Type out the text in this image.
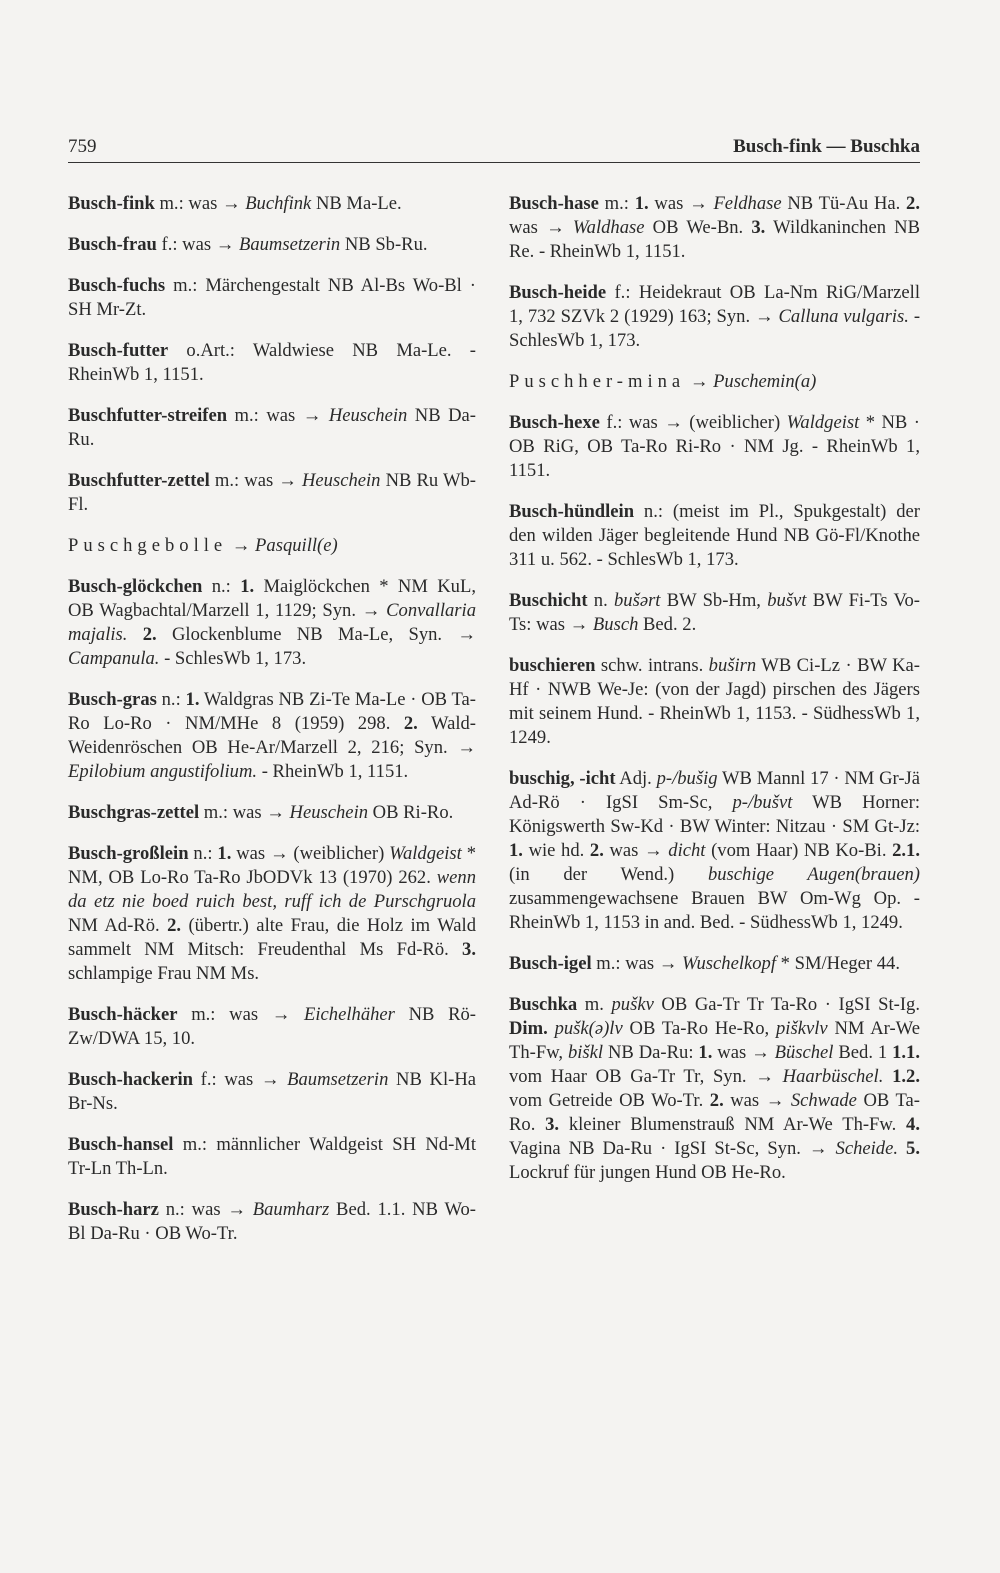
759	Busch-fink — Buschka

Busch-fink m.: was → Buchfink NB Ma-Le.

Busch-frau f.: was → Baumsetzerin NB Sb-Ru.

Busch-fuchs m.: Märchengestalt NB Al-Bs Wo-Bl · SH Mr-Zt.

Busch-futter o.Art.: Waldwiese NB Ma-Le. - RheinWb 1, 1151.

Buschfutter-streifen m.: was → Heuschein NB Da-Ru.

Buschfutter-zettel m.: was → Heuschein NB Ru Wb-Fl.

Puschgebolle → Pasquill(e)

Busch-glöckchen n.: 1. Maiglöckchen * NM KuL, OB Wagbachtal/Marzell 1, 1129; Syn. → Convallaria majalis. 2. Glockenblume NB Ma-Le, Syn. → Campanula. - SchlesWb 1, 173.

Busch-gras n.: 1. Waldgras NB Zi-Te Ma-Le · OB Ta-Ro Lo-Ro · NM/MHe 8 (1959) 298. 2. Wald-Weidenröschen OB He-Ar/Marzell 2, 216; Syn. → Epilobium angustifolium. - RheinWb 1, 1151.

Buschgras-zettel m.: was → Heuschein OB Ri-Ro.

Busch-großlein n.: 1. was → (weiblicher) Waldgeist * NM, OB Lo-Ro Ta-Ro JbODVk 13 (1970) 262. wenn da etz nie boed ruich best, ruff ich de Purschgruola NM Ad-Rö. 2. (übertr.) alte Frau, die Holz im Wald sammelt NM Mitsch: Freudenthal Ms Fd-Rö. 3. schlampige Frau NM Ms.

Busch-häcker m.: was → Eichelhäher NB Rö-Zw/DWA 15, 10.

Busch-hackerin f.: was → Baumsetzerin NB Kl-Ha Br-Ns.

Busch-hansel m.: männlicher Waldgeist SH Nd-Mt Tr-Ln Th-Ln.

Busch-harz n.: was → Baumharz Bed. 1.1. NB Wo-Bl Da-Ru · OB Wo-Tr.

Busch-hase m.: 1. was → Feldhase NB Tü-Au Ha. 2. was → Waldhase OB We-Bn. 3. Wildkaninchen NB Re. - RheinWb 1, 1151.

Busch-heide f.: Heidekraut OB La-Nm RiG/Marzell 1, 732 SZVk 2 (1929) 163; Syn. → Calluna vulgaris. - SchlesWb 1, 173.

Puschher-mina → Puschemin(a)

Busch-hexe f.: was → (weiblicher) Waldgeist * NB · OB RiG, OB Ta-Ro Ri-Ro · NM Jg. - RheinWb 1, 1151.

Busch-hündlein n.: (meist im Pl., Spukgestalt) der den wilden Jäger begleitende Hund NB Gö-Fl/Knothe 311 u. 562. - SchlesWb 1, 173.

Buschicht n. bušərt BW Sb-Hm, bušvt BW Fi-Ts Vo-Ts: was → Busch Bed. 2.

buschieren schw. intrans. buširn WB Ci-Lz · BW Ka-Hf · NWB We-Je: (von der Jagd) pirschen des Jägers mit seinem Hund. - RheinWb 1, 1153. - SüdhessWb 1, 1249.

buschig, -icht Adj. p-/bušig WB Mannl 17 · NM Gr-Jä Ad-Rö · IgSI Sm-Sc, p-/bušvt WB Horner: Königswerth Sw-Kd · BW Winter: Nitzau · SM Gt-Jz: 1. wie hd. 2. was → dicht (vom Haar) NB Ko-Bi. 2.1. (in der Wend.) buschige Augen(brauen) zusammengewachsene Brauen BW Om-Wg Op. - RheinWb 1, 1153 in and. Bed. - SüdhessWb 1, 1249.

Busch-igel m.: was → Wuschelkopf * SM/Heger 44.

Buschka m. puškv OB Ga-Tr Tr Ta-Ro · IgSI St-Ig. Dim. pušk(ə)lv OB Ta-Ro He-Ro, piškvlv NM Ar-We Th-Fw, biškl NB Da-Ru: 1. was → Büschel Bed. 1 1.1. vom Haar OB Ga-Tr Tr, Syn. → Haarbüschel. 1.2. vom Getreide OB Wo-Tr. 2. was → Schwade OB Ta-Ro. 3. kleiner Blumenstrauß NM Ar-We Th-Fw. 4. Vagina NB Da-Ru · IgSI St-Sc, Syn. → Scheide. 5. Lockruf für jungen Hund OB He-Ro.
